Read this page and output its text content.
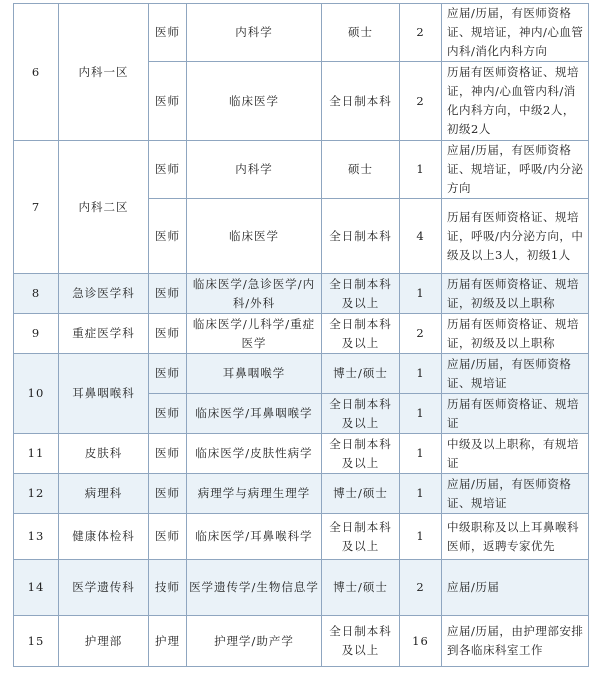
6	内科一区	医师	内科学	硕士	2	应届/历届，有医师资格证、规培证，神内/心血管内科/消化内科方向
		医师	临床医学	全日制本科	2	历届有医师资格证、规培证，神内/心血管内科/消化内科方向，中级2人，初级2人
7	内科二区	医师	内科学	硕士	1	应届/历届，有医师资格证、规培证，呼吸/内分泌方向
		医师	临床医学	全日制本科	4	历届有医师资格证、规培证，呼吸/内分泌方向，中级及以上3人，初级1人
8	急诊医学科	医师	临床医学/急诊医学/内科/外科	全日制本科及以上	1	历届有医师资格证、规培证，初级及以上职称
9	重症医学科	医师	临床医学/儿科学/重症医学	全日制本科及以上	2	历届有医师资格证、规培证，初级及以上职称
10	耳鼻咽喉科	医师	耳鼻咽喉学	博士/硕士	1	应届/历届，有医师资格证、规培证
		医师	临床医学/耳鼻咽喉学	全日制本科及以上	1	历届有医师资格证、规培证
11	皮肤科	医师	临床医学/皮肤性病学	全日制本科及以上	1	中级及以上职称，有规培证
12	病理科	医师	病理学与病理生理学	博士/硕士	1	应届/历届，有医师资格证、规培证
13	健康体检科	医师	临床医学/耳鼻喉科学	全日制本科及以上	1	中级职称及以上耳鼻喉科医师，返聘专家优先
14	医学遗传科	技师	医学遗传学/生物信息学	博士/硕士	2	应届/历届
15	护理部	护理	护理学/助产学	全日制本科及以上	16	应届/历届，由护理部安排到各临床科室工作
